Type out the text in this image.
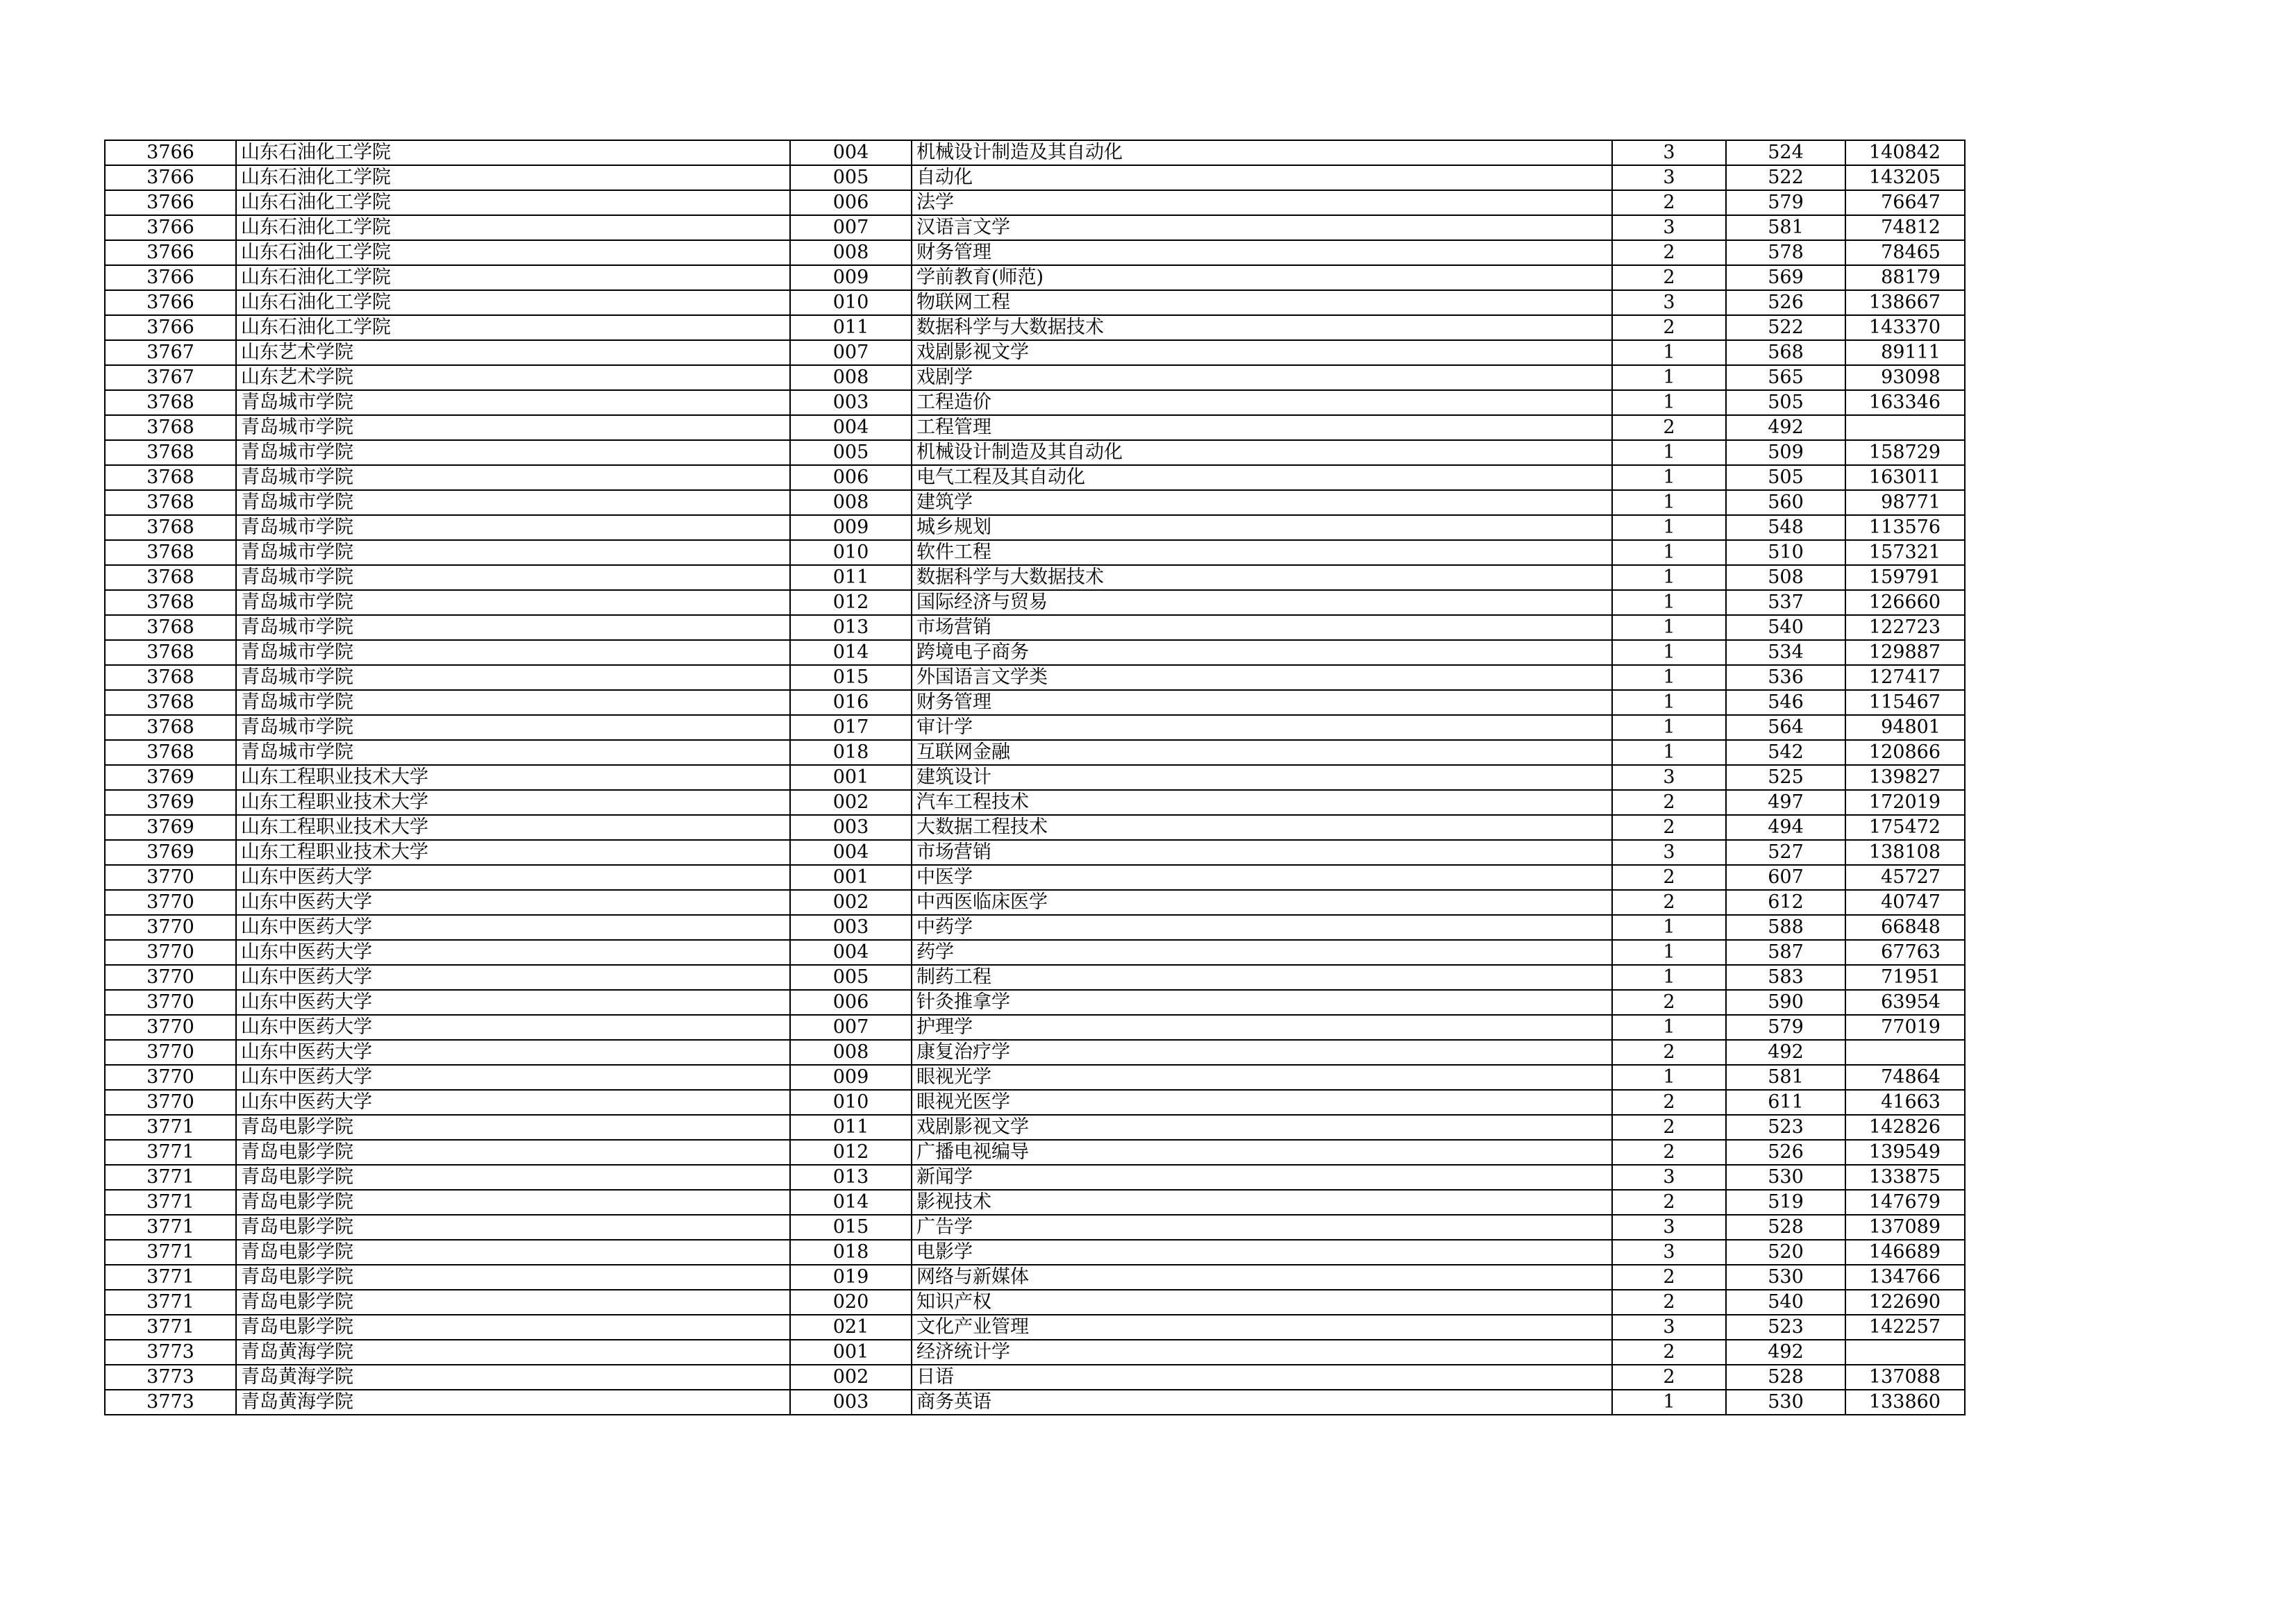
3766	山东石油化工学院	004	机械设计制造及其自动化	3	524	140842
3766	山东石油化工学院	005	自动化	3	522	143205
3766	山东石油化工学院	006	法学	2	579	76647
3766	山东石油化工学院	007	汉语言文学	3	581	74812
3766	山东石油化工学院	008	财务管理	2	578	78465
3766	山东石油化工学院	009	学前教育(师范)	2	569	88179
3766	山东石油化工学院	010	物联网工程	3	526	138667
3766	山东石油化工学院	011	数据科学与大数据技术	2	522	143370
3767	山东艺术学院	007	戏剧影视文学	1	568	89111
3767	山东艺术学院	008	戏剧学	1	565	93098
3768	青岛城市学院	003	工程造价	1	505	163346
3768	青岛城市学院	004	工程管理	2	492	
3768	青岛城市学院	005	机械设计制造及其自动化	1	509	158729
3768	青岛城市学院	006	电气工程及其自动化	1	505	163011
3768	青岛城市学院	008	建筑学	1	560	98771
3768	青岛城市学院	009	城乡规划	1	548	113576
3768	青岛城市学院	010	软件工程	1	510	157321
3768	青岛城市学院	011	数据科学与大数据技术	1	508	159791
3768	青岛城市学院	012	国际经济与贸易	1	537	126660
3768	青岛城市学院	013	市场营销	1	540	122723
3768	青岛城市学院	014	跨境电子商务	1	534	129887
3768	青岛城市学院	015	外国语言文学类	1	536	127417
3768	青岛城市学院	016	财务管理	1	546	115467
3768	青岛城市学院	017	审计学	1	564	94801
3768	青岛城市学院	018	互联网金融	1	542	120866
3769	山东工程职业技术大学	001	建筑设计	3	525	139827
3769	山东工程职业技术大学	002	汽车工程技术	2	497	172019
3769	山东工程职业技术大学	003	大数据工程技术	2	494	175472
3769	山东工程职业技术大学	004	市场营销	3	527	138108
3770	山东中医药大学	001	中医学	2	607	45727
3770	山东中医药大学	002	中西医临床医学	2	612	40747
3770	山东中医药大学	003	中药学	1	588	66848
3770	山东中医药大学	004	药学	1	587	67763
3770	山东中医药大学	005	制药工程	1	583	71951
3770	山东中医药大学	006	针灸推拿学	2	590	63954
3770	山东中医药大学	007	护理学	1	579	77019
3770	山东中医药大学	008	康复治疗学	2	492	
3770	山东中医药大学	009	眼视光学	1	581	74864
3770	山东中医药大学	010	眼视光医学	2	611	41663
3771	青岛电影学院	011	戏剧影视文学	2	523	142826
3771	青岛电影学院	012	广播电视编导	2	526	139549
3771	青岛电影学院	013	新闻学	3	530	133875
3771	青岛电影学院	014	影视技术	2	519	147679
3771	青岛电影学院	015	广告学	3	528	137089
3771	青岛电影学院	018	电影学	3	520	146689
3771	青岛电影学院	019	网络与新媒体	2	530	134766
3771	青岛电影学院	020	知识产权	2	540	122690
3771	青岛电影学院	021	文化产业管理	3	523	142257
3773	青岛黄海学院	001	经济统计学	2	492	
3773	青岛黄海学院	002	日语	2	528	137088
3773	青岛黄海学院	003	商务英语	1	530	133860
